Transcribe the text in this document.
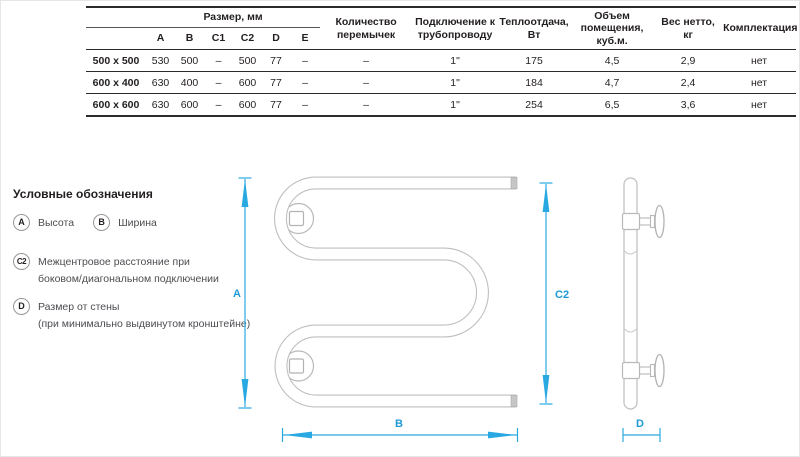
	Размер, мм						Количество перемычек	Подключение к трубопроводу	Теплоотдача, Вт	Объем помещения, куб.м.	Вес нетто, кг	Комплектация
	A	B	C1	C2	D	E						
500 x 500	530	500	–	500	77	–	–	1"	175	4,5	2,9	нет
600 x 400	630	400	–	600	77	–	–	1"	184	4,7	2,4	нет
600 x 600	630	600	–	600	77	–	–	1"	254	6,5	3,6	нет
Условные обозначения
A	Высота	B	Ширина
C2	Межцентровое расстояние при
боковом/диагональном подключении
D	Размер от стены
(при минимально выдвинутом кронштейне)
A
B
C2
D
